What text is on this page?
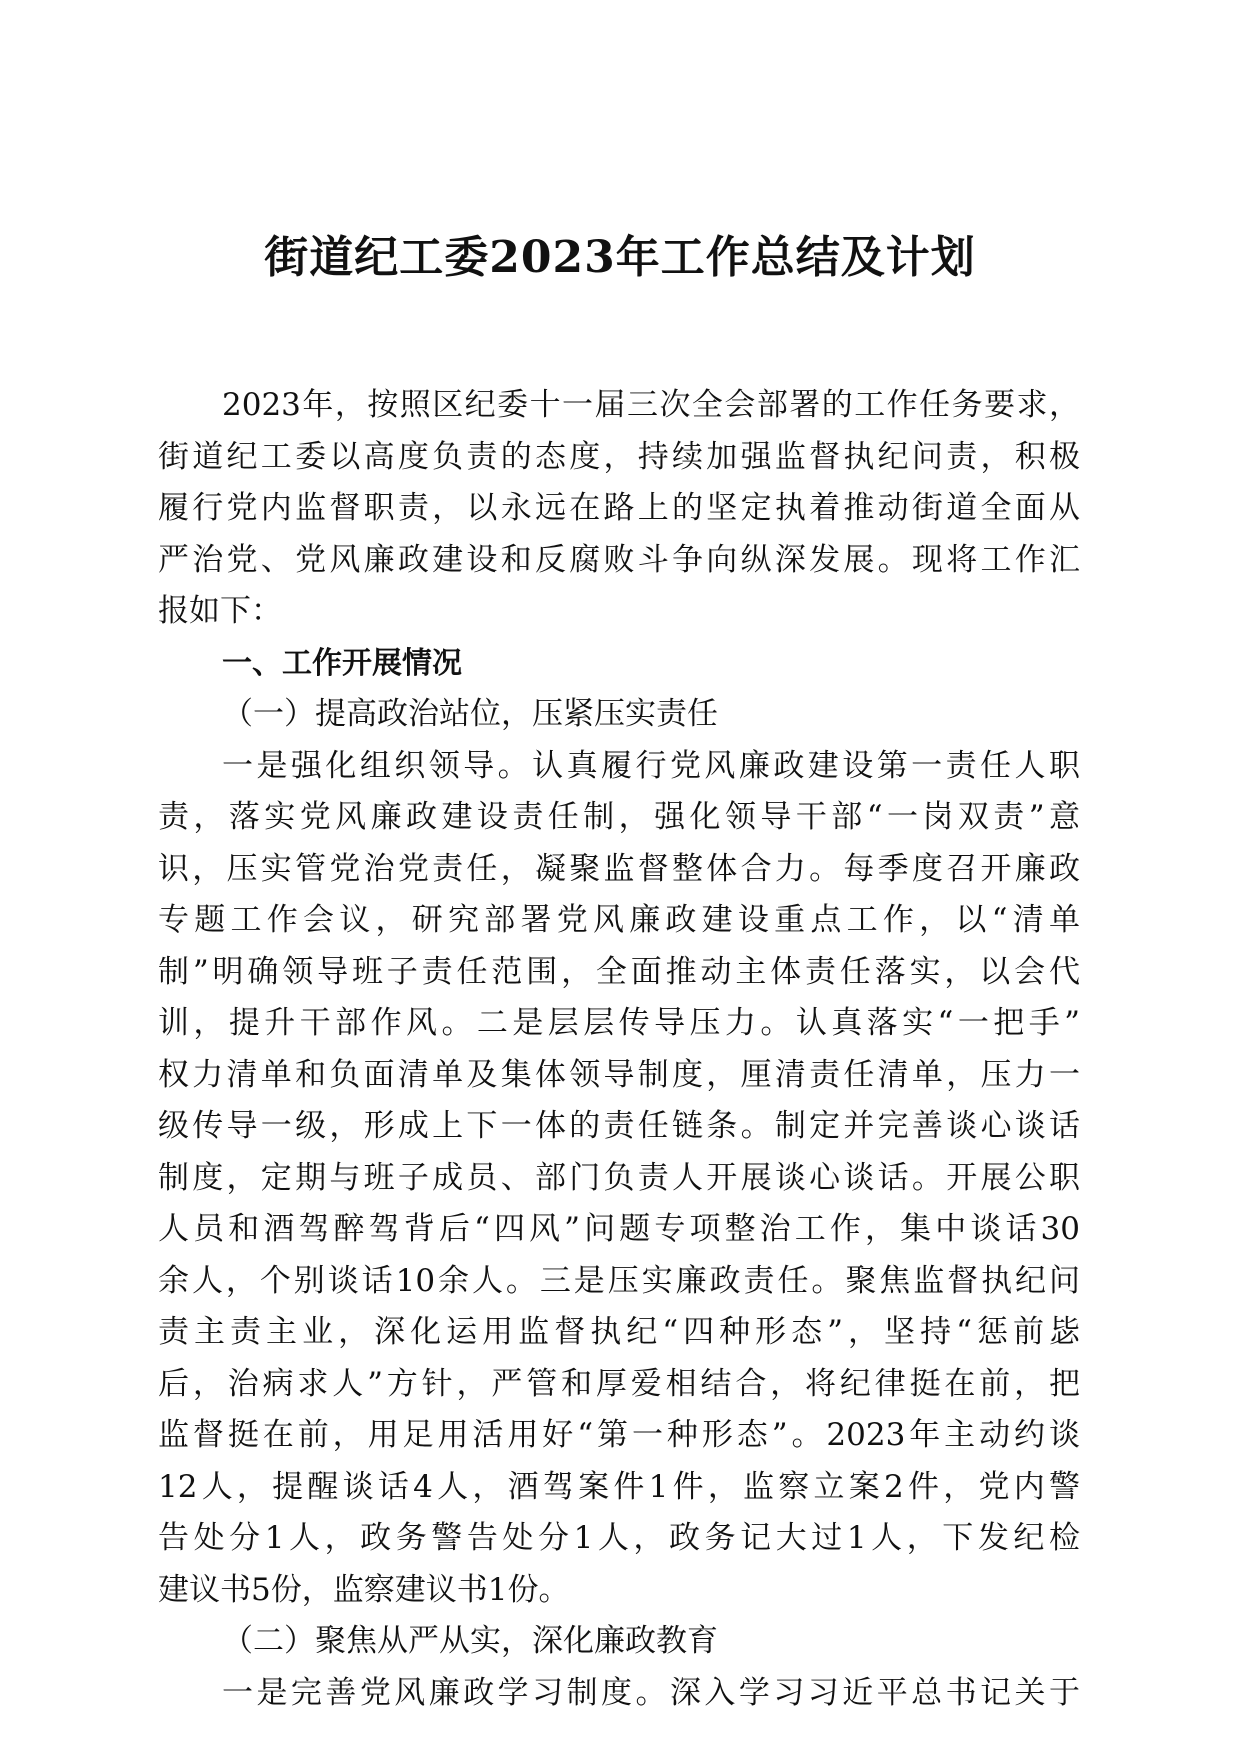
街道纪工委2023年工作总结及计划
2023年，按照区纪委十一届三次全会部署的工作任务要求，
街道纪工委以高度负责的态度，持续加强监督执纪问责，积极
履行党内监督职责，以永远在路上的坚定执着推动街道全面从
严治党、党风廉政建设和反腐败斗争向纵深发展。现将工作汇
报如下：
一、工作开展情况
（一）提高政治站位，压紧压实责任
一是强化组织领导。认真履行党风廉政建设第一责任人职
责，落实党风廉政建设责任制，强化领导干部“一岗双责”意
识，压实管党治党责任，凝聚监督整体合力。每季度召开廉政
专题工作会议，研究部署党风廉政建设重点工作，以“清单
制”明确领导班子责任范围，全面推动主体责任落实，以会代
训，提升干部作风。二是层层传导压力。认真落实“一把手”
权力清单和负面清单及集体领导制度，厘清责任清单，压力一
级传导一级，形成上下一体的责任链条。制定并完善谈心谈话
制度，定期与班子成员、部门负责人开展谈心谈话。开展公职
人员和酒驾醉驾背后“四风”问题专项整治工作，集中谈话30
余人，个别谈话10余人。三是压实廉政责任。聚焦监督执纪问
责主责主业，深化运用监督执纪“四种形态”，坚持“惩前毖
后，治病求人”方针，严管和厚爱相结合，将纪律挺在前，把
监督挺在前，用足用活用好“第一种形态”。2023年主动约谈
12人，提醒谈话4人，酒驾案件1件，监察立案2件，党内警
告处分1人，政务警告处分1人，政务记大过1人，下发纪检
建议书5份，监察建议书1份。
（二）聚焦从严从实，深化廉政教育
一是完善党风廉政学习制度。深入学习习近平总书记关于
